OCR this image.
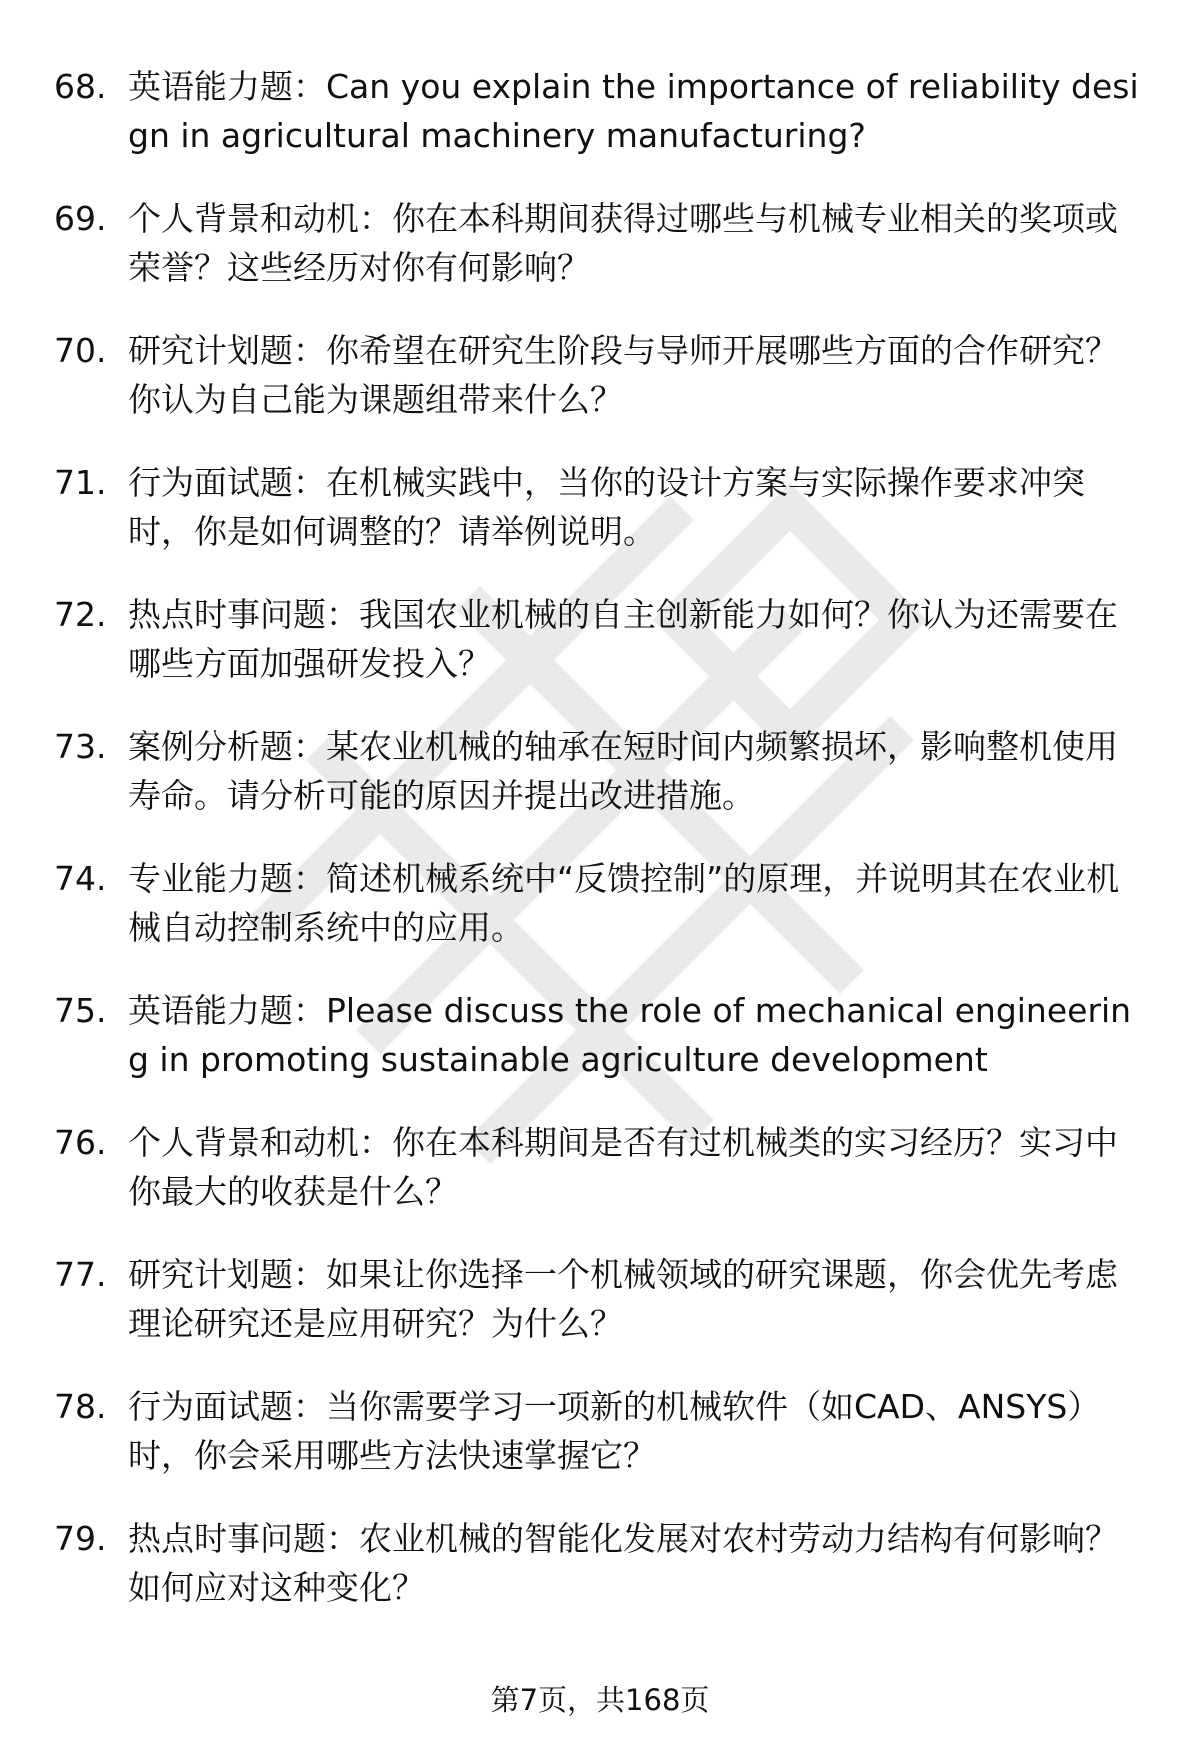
68. 英语能力题：Can you explain the importance of reliability design in agricultural machinery manufacturing?
69. 个人背景和动机：你在本科期间获得过哪些与机械专业相关的奖项或荣誉？这些经历对你有何影响？
70. 研究计划题：你希望在研究生阶段与导师开展哪些方面的合作研究？你认为自己能为课题组带来什么？
71. 行为面试题：在机械实践中，当你的设计方案与实际操作要求冲突时，你是如何调整的？请举例说明。
72. 热点时事问题：我国农业机械的自主创新能力如何？你认为还需要在哪些方面加强研发投入？
73. 案例分析题：某农业机械的轴承在短时间内频繁损坏，影响整机使用寿命。请分析可能的原因并提出改进措施。
74. 专业能力题：简述机械系统中“反馈控制”的原理，并说明其在农业机械自动控制系统中的应用。
75. 英语能力题：Please discuss the role of mechanical engineering in promoting sustainable agriculture development
76. 个人背景和动机：你在本科期间是否有过机械类的实习经历？实习中你最大的收获是什么？
77. 研究计划题：如果让你选择一个机械领域的研究课题，你会优先考虑理论研究还是应用研究？为什么？
78. 行为面试题：当你需要学习一项新的机械软件（如CAD、ANSYS）时，你会采用哪些方法快速掌握它？
79. 热点时事问题：农业机械的智能化发展对农村劳动力结构有何影响？如何应对这种变化？
第7页，共168页
